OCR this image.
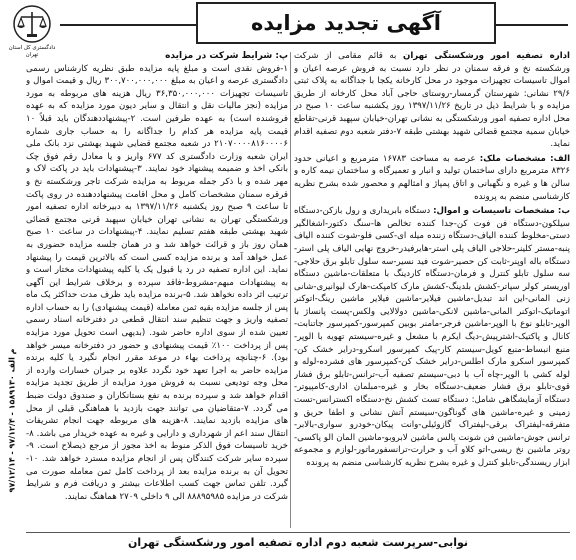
دادگستری کل استان تهران
آگهی تجدید مزایده

اداره تصفیه امور ورشکستگی تهران به قائم مقامی از شرکت ورشکسته نخ و فرقه سمنان در نظر دارد نسبت به فروش عرصه اعیان و اموال تاسیسات تجهیزات موجود در محل کارخانه یکجا با جداگانه به پلاک ثبتی ۲۹/۶ نشانی: شهرستان گرمسار-روستای حاجی آباد محل کارخانه از طریق مزایده و با شرایط ذیل در تاریخ ۱۳۹۷/۱۱/۲۶ روز یکشنبه ساعت ۱۰ صبح در محل اداره تصفیه امور ورشکستگی به نشانی تهران-خیابان سپهبد قرنی-تقاطع خیابان سمیه مجتمع قضائی شهید بهشتی طبقه ۷-دفتر شعبه دوم تصفیه اقدام نماید.

الف: مشخصات ملک: عرصه به مساحت ۱۶۷۸۳ مترمربع و اعیانی حدود ۸۳۲۶ مترمربع دارای ساختمان تولید و انبار و تعمیرگاه و ساختمان نیمه کاره و سالن ها و غیره و نگهبانی و اتاق پمپاژ و امثالهم و محصور شده بشرح نظریه کارشناسی منضم به پرونده

ب: مشخصات تاسیسات و اموال: دستگاه بابریداری و رول بازکن-دستگاه سیلکون-دستگاه فن فوت کن-جدا کننده تخالص ها-سنگ دکتور-اشغالگیر دستی-مخلوط کننده الیاف-دستگاه زننده میله ای-کسی فلو-شوت کننده الیاف پنبه-مستر کلینر-حلاجی الیاف پلی استر-هایرفیدر-خروج نهایی الیاف پلی استر-دستگاه باله اوپنر-ثابت کن حصیر-شوت فید نسیر-سه سلول تابلو برق حلاجی-سه سلول تابلو کنترل و فرمان-دستگاه کاردینگ با متعلقات-ماشین دستگاه اوریستر کولر سپاتر-کشش بلدینگ-کشش مارک کامپکت-هارک لیوانیری-شانی زنی المانی-این اند تبدیل-ماشین فیلایر-ماشین فیلایر ماشین رینگ-اتوکنر اتوماتیک-اتوکنر المانی-ماشین لانکی-ماشین دولالایی ولکس-پست پانساژ با الوپر-تابلو نوع با الوپر-ماشین فرجر-مامنر بوبین کمپرسور-کمپرسور جاتنابت-کانال و پاکتیک-اشترپیش-دیگ ایکرم با مشعل و غیره-سیستم تهویه با الوپر-منبع انبساط-منبع کویل-سیستم کار-پیک کمپرسور اسکرو-درایر خشک کن-کمپرسور اسکرو مارک اطلس-درایر خشک کن-کمپرسور های فشرده-لوله و لوله کشی با الوپر-چاه آب با دبی-سیستم تصفیه آب-ترانس-تابلو برق فشار قوی-تابلو برق فشار ضعیف-دستگاه بخار و غیره-مبلمان اداری-کامپیوتر-دستگاه آزمایشگاهی شامل: دستگاه تست کشش نخ-دستگاه اکسترانس-تست زمینی و غیره-ماشین های گوناگون-سیستم آتش نشانی و اطفا حریق و متفرقه-لیفتراک برقی-لیفتراک گازوئیلی-وانت پیکان-خودرو سواری-بالابر-ترانس جوش-ماشین فن شونت پالس ماشین لابروبو-ماشین المان الو پاکسی-روتر ماشین نخ ریسی-اتو کلاو آب و حرارت-ترانسفورماتور-لوازم و مجموعه ابزار ریسندگی-تابلو کنترل و غیره بشرح نظریه کارشناسی منضم به پرونده

پ: شرایط شرکت در مزایده

۱-فروش نقدی است و مبلغ پایه مزایده طبق نظریه کارشناس رسمی دادگستری عرصه و اعیان به مبلغ ۳۰۰,۷۰۰,۰۰۰,۰۰۰ ریال و قیمت اموال و تاسیسات تجهیزات ۳۶,۳۵۰,۰۰۰,۰۰۰ ریال هزینه های مربوطه به مورد مزایده (نجز مالیات نقل و انتقال و سایر دیون مورد مزایده که به عهده فروشنده است) به عهده طرفین است. ۲-پیشنهاددهندگان باید قبلاً ۱۰ قیمت پایه مزایده هر کدام را جداگانه را به حساب جاری شماره ۲۱۰۷۰۰۰۰۸۱۶۰۰۰۰۶ در شعبه مجتمع قضایی شهید بهشتی نزد بانک ملی ایران شعبه وزارت دادگستری کد ۶۷۷ واریز و یا معادل رقم فوق چک بانکی اخذ و ضمیمه پیشنهاد خود نمایند. ۳-پیشنهادات باید در پاکت لاک و مهر شده و با ذکر جمله مربوط به مزایده شرکت تاجر ورشکسته نخ و قرقره سمنان مشخصات کامل و محل اقامت پیشنهاددهنده در روی پاکت تا ساعت ۹ صبح روز یکشنبه ۱۳۹۷/۱۱/۲۶ به دبیرخانه اداره تصفیه امور ورشکستگی تهران به نشانی تهران خیابان سپهبد قرنی مجتمع قضائی شهید بهشتی طبقه هفتم تسلیم نمایند. ۴-پیشنهادات در ساعت ۱۰ صبح همان روز باز و قرائت خواهد شد و در همان جلسه مزایده حضوری به عمل خواهد آمد و برنده مزایده کسی است که بالاترین قیمت را پیشنهاد نماید. این اداره تصفیه در رد یا قبول یک یا کلیه پیشنهادات مختار است و به پیشنهادات مبهم-مشروط-فاقد سپرده و برخلاف شرایط این آگهی ترتیب اثر داده نخواهد شد. ۵-برنده مزایده باید ظرف مدت حداکثر یک ماه پس از جلسه مزایده بقیه ثمن معامله (قیمت پیشنهادی) را به حساب اداره تصفیه واریز و جهت تنظیم سند انتقال قطعی در دفترخانه اسناد رسمی تعیین شده از سوی اداره حاضر شود. (بدیهی است تحویل مورد مزایده پس از پرداخت ۱۰۰٪ قیمت پیشنهادی و حضور در دفترخانه میسر خواهد بود). ۶-چنانچه پرداخت بهاء در موعد مقرر انجام نگیرد یا کلیه برنده مزایده حاضر به اجرا تعهد خود نگردد علاوه بر جبران خسارات وارده از محل وجه تودیعی نسبت به فروش مورد مزایده از طریق تجدید مزایده اقدام خواهد شد و سپرده برنده به نفع بستانکاران و صندوق دولت ضبط می گردد. ۷-متقاضیان می توانند جهت بازدید با هماهنگی قبلی از محل های مزایده بازدید نمایند. ۸-هزینه های مربوطه جهت انجام تشریفات انتقال سند اعم از شهرداری و دارایی و غیره به عهده خریدار می باشد. ۸-خرید تاسیسات فوق الذکر منوط به اخذ مجوز از مرجع ذیصلاح است. ۹-سپرده سایر شرکت کنندگان پس از انجام مزایده مسترد خواهد شد. ۱۰-تحویل آن به برنده مزایده بعد از پرداخت کامل ثمن معامله صورت می گیرد. تلفن تماس جهت کسب اطلاعات بیشتر و دریافت فرم و شرایط شرکت در مزایده ۸۸۸۹۵۹۸۵ الی ۹ داخلی ۲۷۰۹ هماهنگ نمایند.

م الف ۱۵۸۹۱۳۰ - ۹۷/۱۲/۴ - ۹۷/۱۲/۱۴
نوابی-سرپرست شعبه دوم اداره تصفیه امور ورشکستگی تهران
